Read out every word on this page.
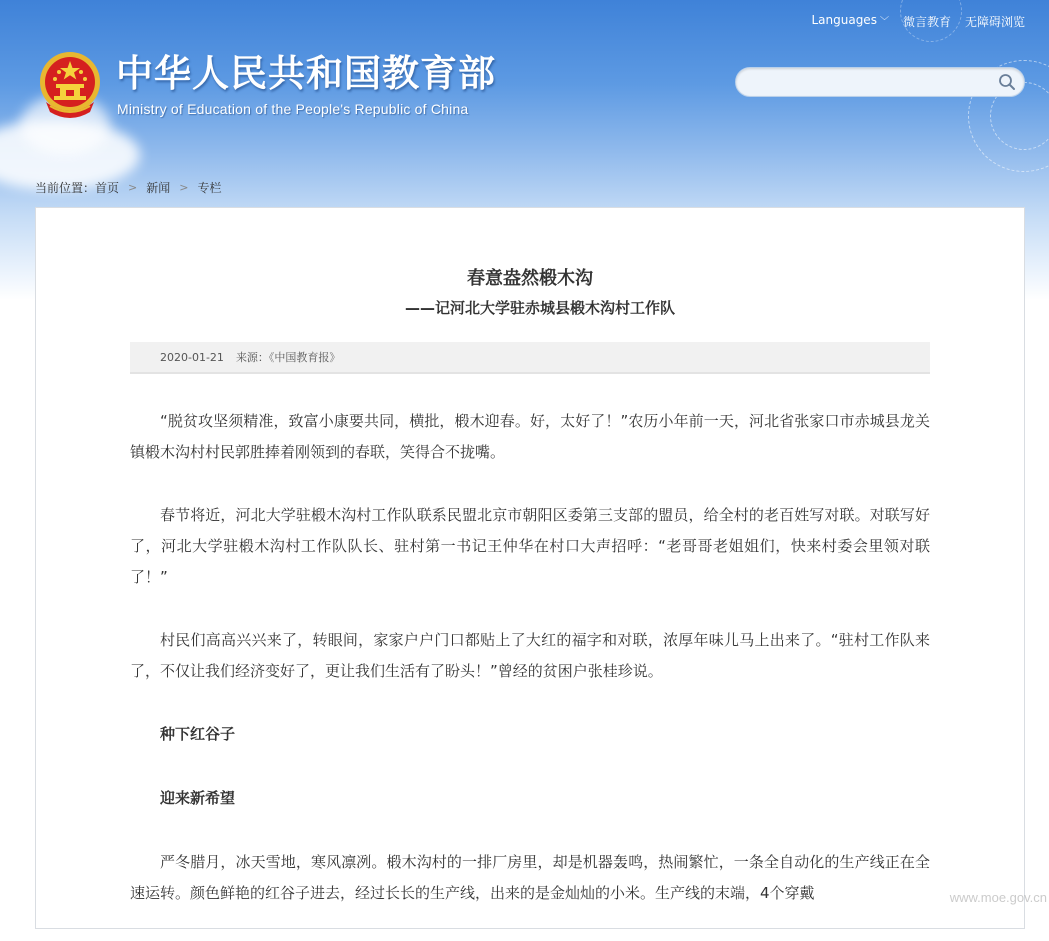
中华人民共和国教育部
Ministry of Education of the People's Republic of China
Languages ﹀ 微言教育 无障碍浏览
当前位置： 首页 > 新闻 > 专栏
春意盎然椴木沟
——记河北大学驻赤城县椴木沟村工作队
2020-01-21 来源：《中国教育报》

“脱贫攻坚须精准，致富小康要共同，横批，椴木迎春。好，太好了！”农历小年前一天，河北省张家口市赤城县龙关镇椴木沟村村民郭胜捧着刚领到的春联，笑得合不拢嘴。

春节将近，河北大学驻椴木沟村工作队联系民盟北京市朝阳区委第三支部的盟员，给全村的老百姓写对联。对联写好了，河北大学驻椴木沟村工作队队长、驻村第一书记王仲华在村口大声招呼：“老哥哥老姐姐们，快来村委会里领对联了！”

村民们高高兴兴来了，转眼间，家家户户门口都贴上了大红的福字和对联，浓厚年味儿马上出来了。“驻村工作队来了，不仅让我们经济变好了，更让我们生活有了盼头！”曾经的贫困户张桂珍说。

种下红谷子

迎来新希望

严冬腊月，冰天雪地，寒风凛冽。椴木沟村的一排厂房里，却是机器轰鸣，热闹繁忙，一条全自动化的生产线正在全速运转。颜色鲜艳的红谷子进去，经过长长的生产线，出来的是金灿灿的小米。生产线的末端，4个穿戴	www.moe.gov.cn
